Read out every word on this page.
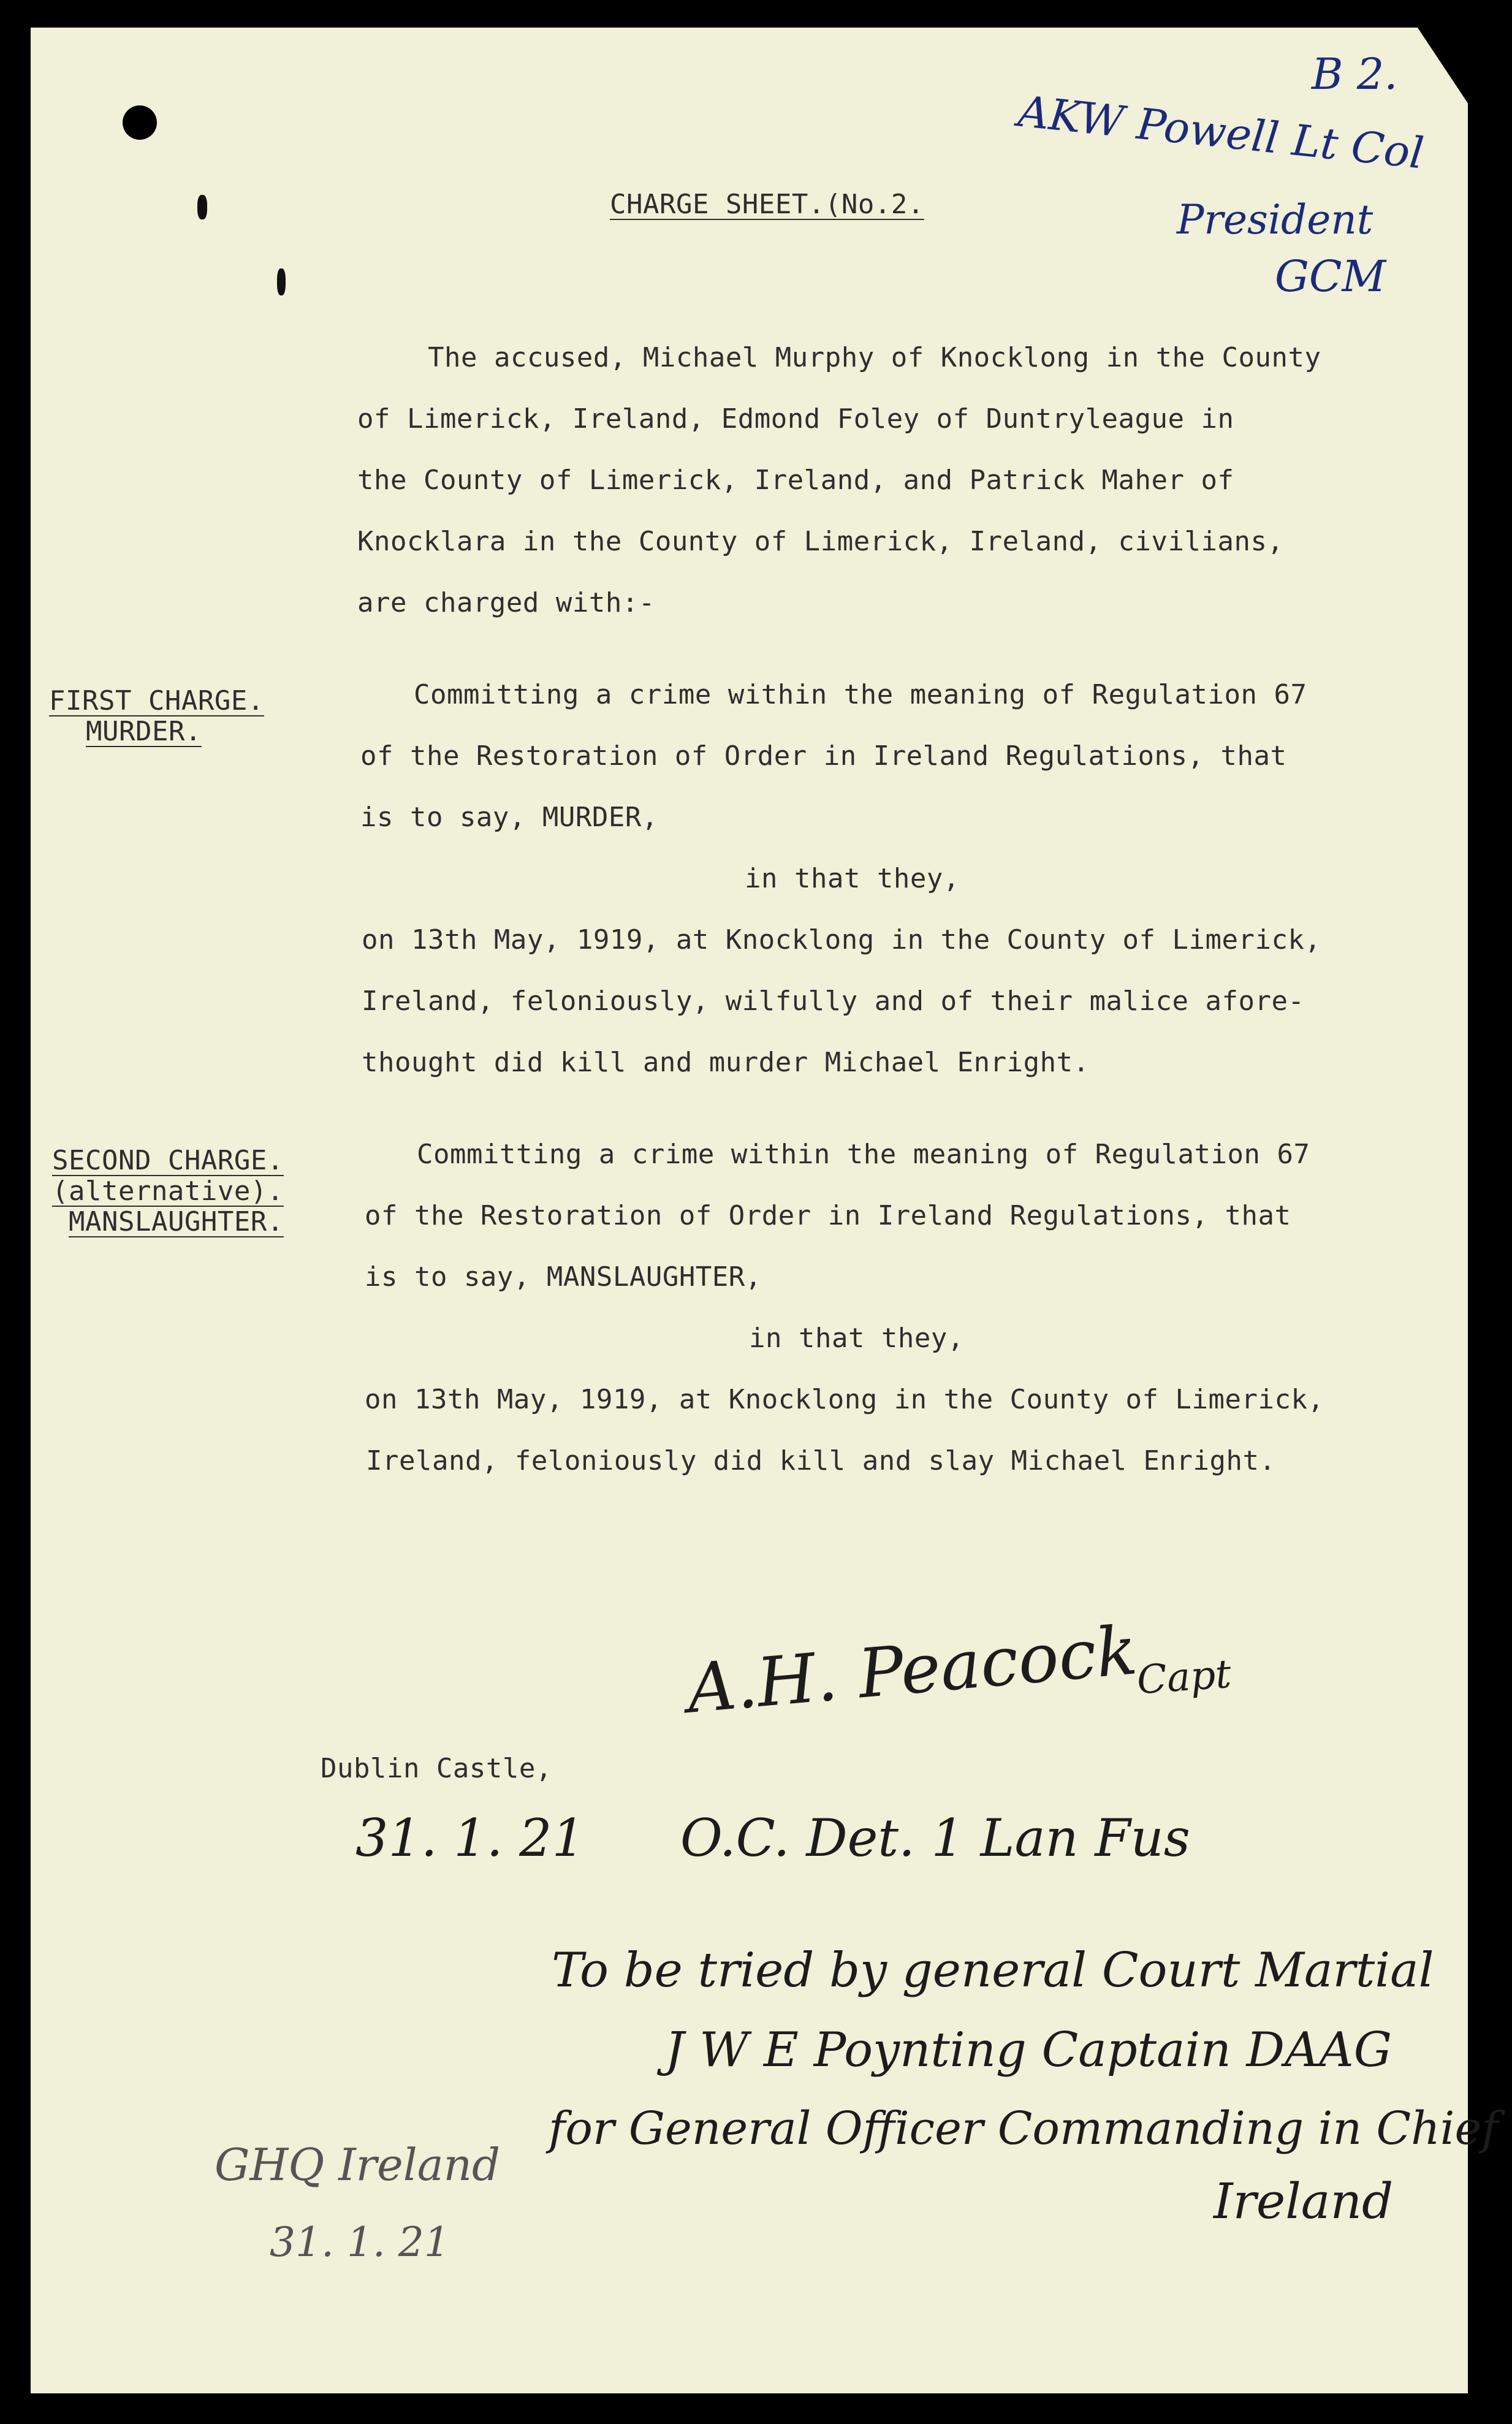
B 2.
AKW Powell Lt Col
President
GCM
CHARGE SHEET.(No.2.
The accused, Michael Murphy of Knocklong in the County
of Limerick, Ireland, Edmond Foley of Duntryleague in
the County of Limerick, Ireland, and Patrick Maher of
Knocklara in the County of Limerick, Ireland, civilians,
are charged with:-
FIRST CHARGE.
MURDER.
Committing a crime within the meaning of Regulation 67
of the Restoration of Order in Ireland Regulations, that
is to say, MURDER,
in that they,
on 13th May, 1919, at Knocklong in the County of Limerick,
Ireland, feloniously, wilfully and of their malice afore-
thought did kill and murder Michael Enright.
SECOND CHARGE.
(alternative).
MANSLAUGHTER.
Committing a crime within the meaning of Regulation 67
of the Restoration of Order in Ireland Regulations, that
is to say, MANSLAUGHTER,
in that they,
on 13th May, 1919, at Knocklong in the County of Limerick,
Ireland, feloniously did kill and slay Michael Enright.
A.H. Peacock
Capt
Dublin Castle,
31. 1. 21 O.C. Det. 1 Lan Fus
To be tried by general Court Martial
J W E Poynting Captain DAAG
for General Officer Commanding in Chief
Ireland
GHQ Ireland
31. 1. 21
